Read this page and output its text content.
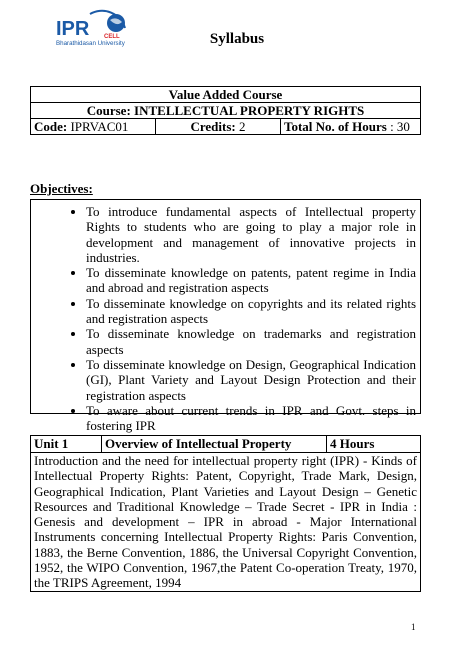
IPR CELL
Bharathidasan University	Syllabus
Value Added Course
Course: INTELLECTUAL PROPERTY RIGHTS
Code: IPRVAC01	Credits: 2	Total No. of Hours : 30
Objectives:
• To introduce fundamental aspects of Intellectual property Rights to students who are going to play a major role in development and management of innovative projects in industries.
• To disseminate knowledge on patents, patent regime in India and abroad and registration aspects
• To disseminate knowledge on copyrights and its related rights and registration aspects
• To disseminate knowledge on trademarks and registration aspects
• To disseminate knowledge on Design, Geographical Indication (GI), Plant Variety and Layout Design Protection and their registration aspects
• To aware about current trends in IPR and Govt. steps in fostering IPR
Unit 1	Overview of Intellectual Property	4 Hours
Introduction and the need for intellectual property right (IPR) - Kinds of Intellectual Property Rights: Patent, Copyright, Trade Mark, Design, Geographical Indication, Plant Varieties and Layout Design – Genetic Resources and Traditional Knowledge – Trade Secret - IPR in India : Genesis and development – IPR in abroad - Major International Instruments concerning Intellectual Property Rights: Paris Convention, 1883, the Berne Convention, 1886, the Universal Copyright Convention, 1952, the WIPO Convention, 1967,the Patent Co-operation Treaty, 1970, the TRIPS Agreement, 1994
1
